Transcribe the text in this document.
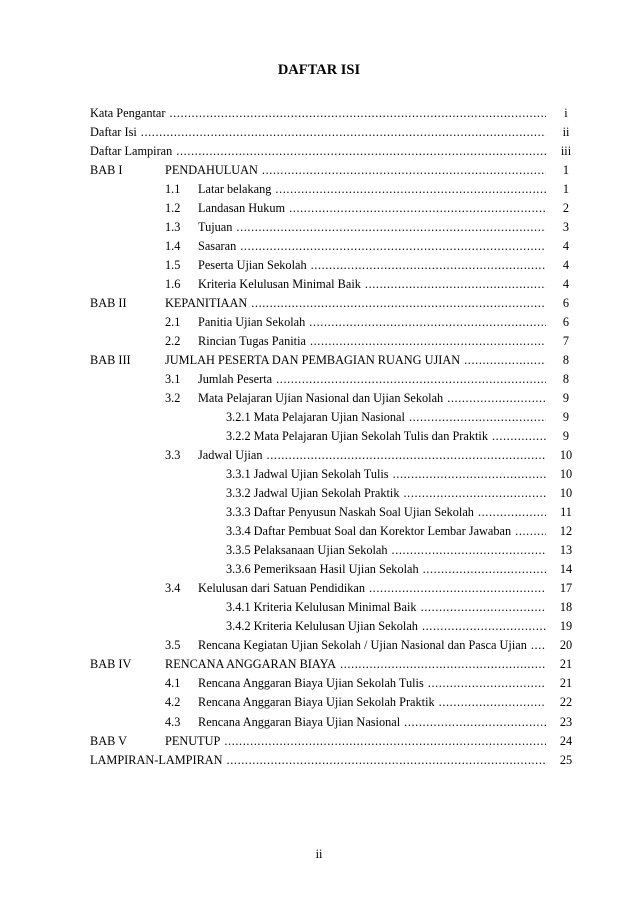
DAFTAR ISI
Kata Pengantar .....	i
Daftar Isi .....	ii
Daftar Lampiran .....	iii
BAB I	PENDAHULUAN .....	1
1.1 Latar belakang .....	1
1.2 Landasan Hukum .....	2
1.3 Tujuan .....	3
1.4 Sasaran .....	4
1.5 Peserta Ujian Sekolah .....	4
1.6 Kriteria Kelulusan Minimal Baik .....	4
BAB II	KEPANITIAAN .....	6
2.1 Panitia Ujian Sekolah .....	6
2.2 Rincian Tugas Panitia .....	7
BAB III	JUMLAH PESERTA DAN PEMBAGIAN RUANG UJIAN .....	8
3.1 Jumlah Peserta .....	8
3.2 Mata Pelajaran Ujian Nasional dan Ujian Sekolah .....	9
3.2.1 Mata Pelajaran Ujian Nasional .....	9
3.2.2 Mata Pelajaran Ujian Sekolah Tulis dan Praktik .....	9
3.3 Jadwal Ujian .....	10
3.3.1 Jadwal Ujian Sekolah Tulis .....	10
3.3.2 Jadwal Ujian Sekolah Praktik .....	10
3.3.3 Daftar Penyusun Naskah Soal Ujian Sekolah .....	11
3.3.4 Daftar Pembuat Soal dan Korektor Lembar Jawaban .....	12
3.3.5 Pelaksanaan Ujian Sekolah .....	13
3.3.6 Pemeriksaan Hasil Ujian Sekolah .....	14
3.4 Kelulusan dari Satuan Pendidikan .....	17
3.4.1 Kriteria Kelulusan Minimal Baik .....	18
3.4.2 Kriteria Kelulusan Ujian Sekolah .....	19
3.5 Rencana Kegiatan Ujian Sekolah / Ujian Nasional dan Pasca Ujian .....	20
BAB IV	RENCANA ANGGARAN BIAYA .....	21
4.1 Rencana Anggaran Biaya Ujian Sekolah Tulis .....	21
4.2 Rencana Anggaran Biaya Ujian Sekolah Praktik .....	22
4.3 Rencana Anggaran Biaya Ujian Nasional .....	23
BAB V	PENUTUP .....	24
LAMPIRAN-LAMPIRAN .....	25
ii
